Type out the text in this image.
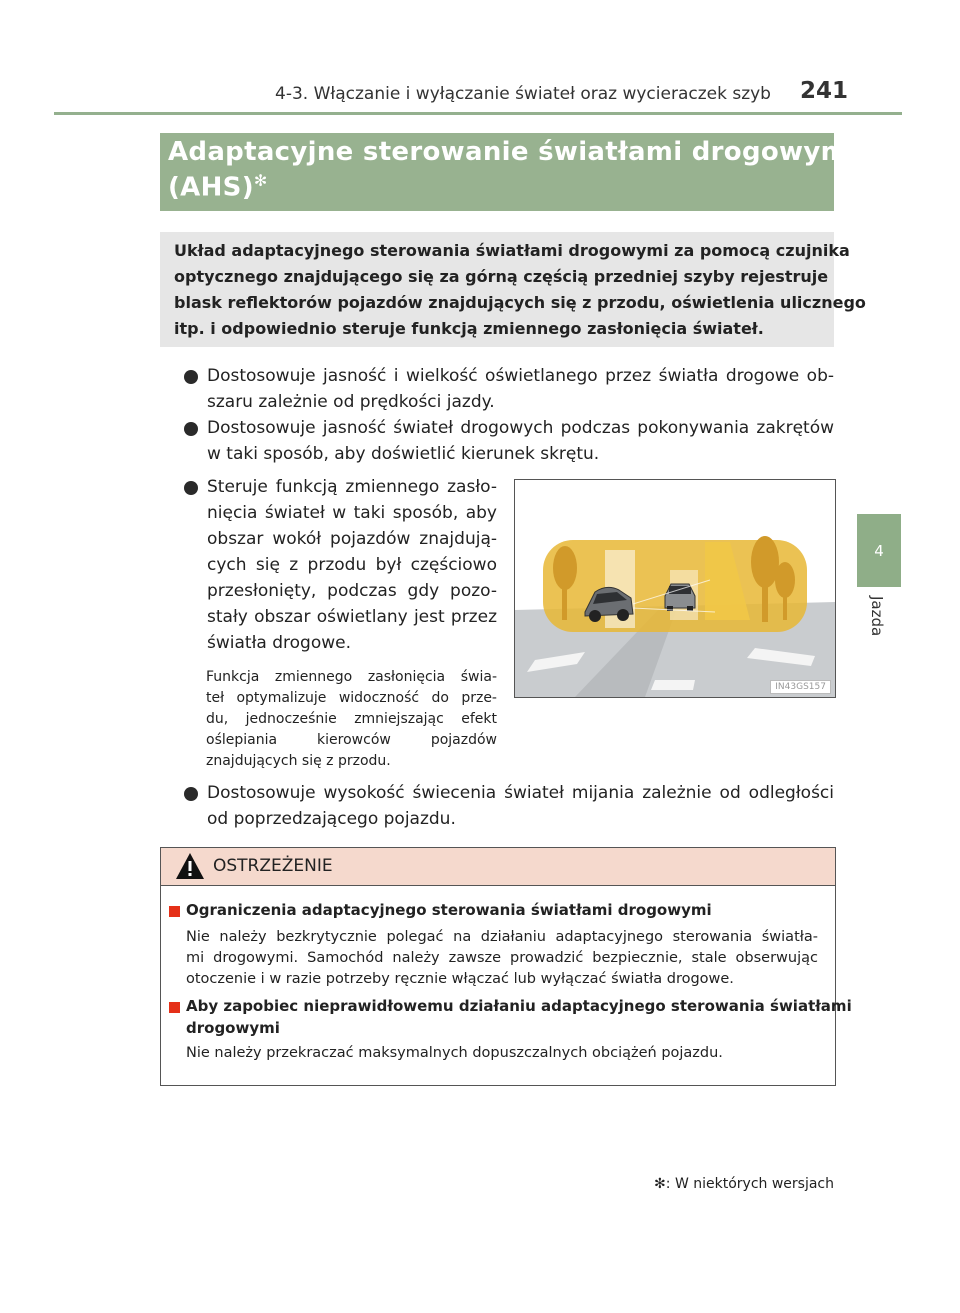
4-3. Włączanie i wyłączanie świateł oraz wycieraczek szyb 241
4
Jazda
Adaptacyjne sterowanie światłami drogowymi
(AHS)✻
Układ adaptacyjnego sterowania światłami drogowymi za pomocą czujnika
optycznego znajdującego się za górną częścią przedniej szyby rejestruje
blask reflektorów pojazdów znajdujących się z przodu, oświetlenia ulicznego
itp. i odpowiednio steruje funkcją zmiennego zasłonięcia świateł.
Dostosowuje jasność i wielkość oświetlanego przez światła drogowe ob-
szaru zależnie od prędkości jazdy.
Dostosowuje jasność świateł drogowych podczas pokonywania zakrętów
w taki sposób, aby doświetlić kierunek skrętu.
Steruje funkcją zmiennego zasło-
nięcia świateł w taki sposób, aby
obszar wokół pojazdów znajdują-
cych się z przodu był częściowo
przesłonięty, podczas gdy pozo-
stały obszar oświetlany jest przez
światła drogowe.
Funkcja zmiennego zasłonięcia świa-
teł optymalizuje widoczność do prze-
du, jednocześnie zmniejszając efekt
oślepiania kierowców pojazdów
znajdujących się z przodu.
IN43GS157
Dostosowuje wysokość świecenia świateł mijania zależnie od odległości
od poprzedzającego pojazdu.
OSTRZEŻENIE
Ograniczenia adaptacyjnego sterowania światłami drogowymi
Nie należy bezkrytycznie polegać na działaniu adaptacyjnego sterowania światła-
mi drogowymi. Samochód należy zawsze prowadzić bezpiecznie, stale obserwując
otoczenie i w razie potrzeby ręcznie włączać lub wyłączać światła drogowe.
Aby zapobiec nieprawidłowemu działaniu adaptacyjnego sterowania światłami
drogowymi
Nie należy przekraczać maksymalnych dopuszczalnych obciążeń pojazdu.
✻: W niektórych wersjach
